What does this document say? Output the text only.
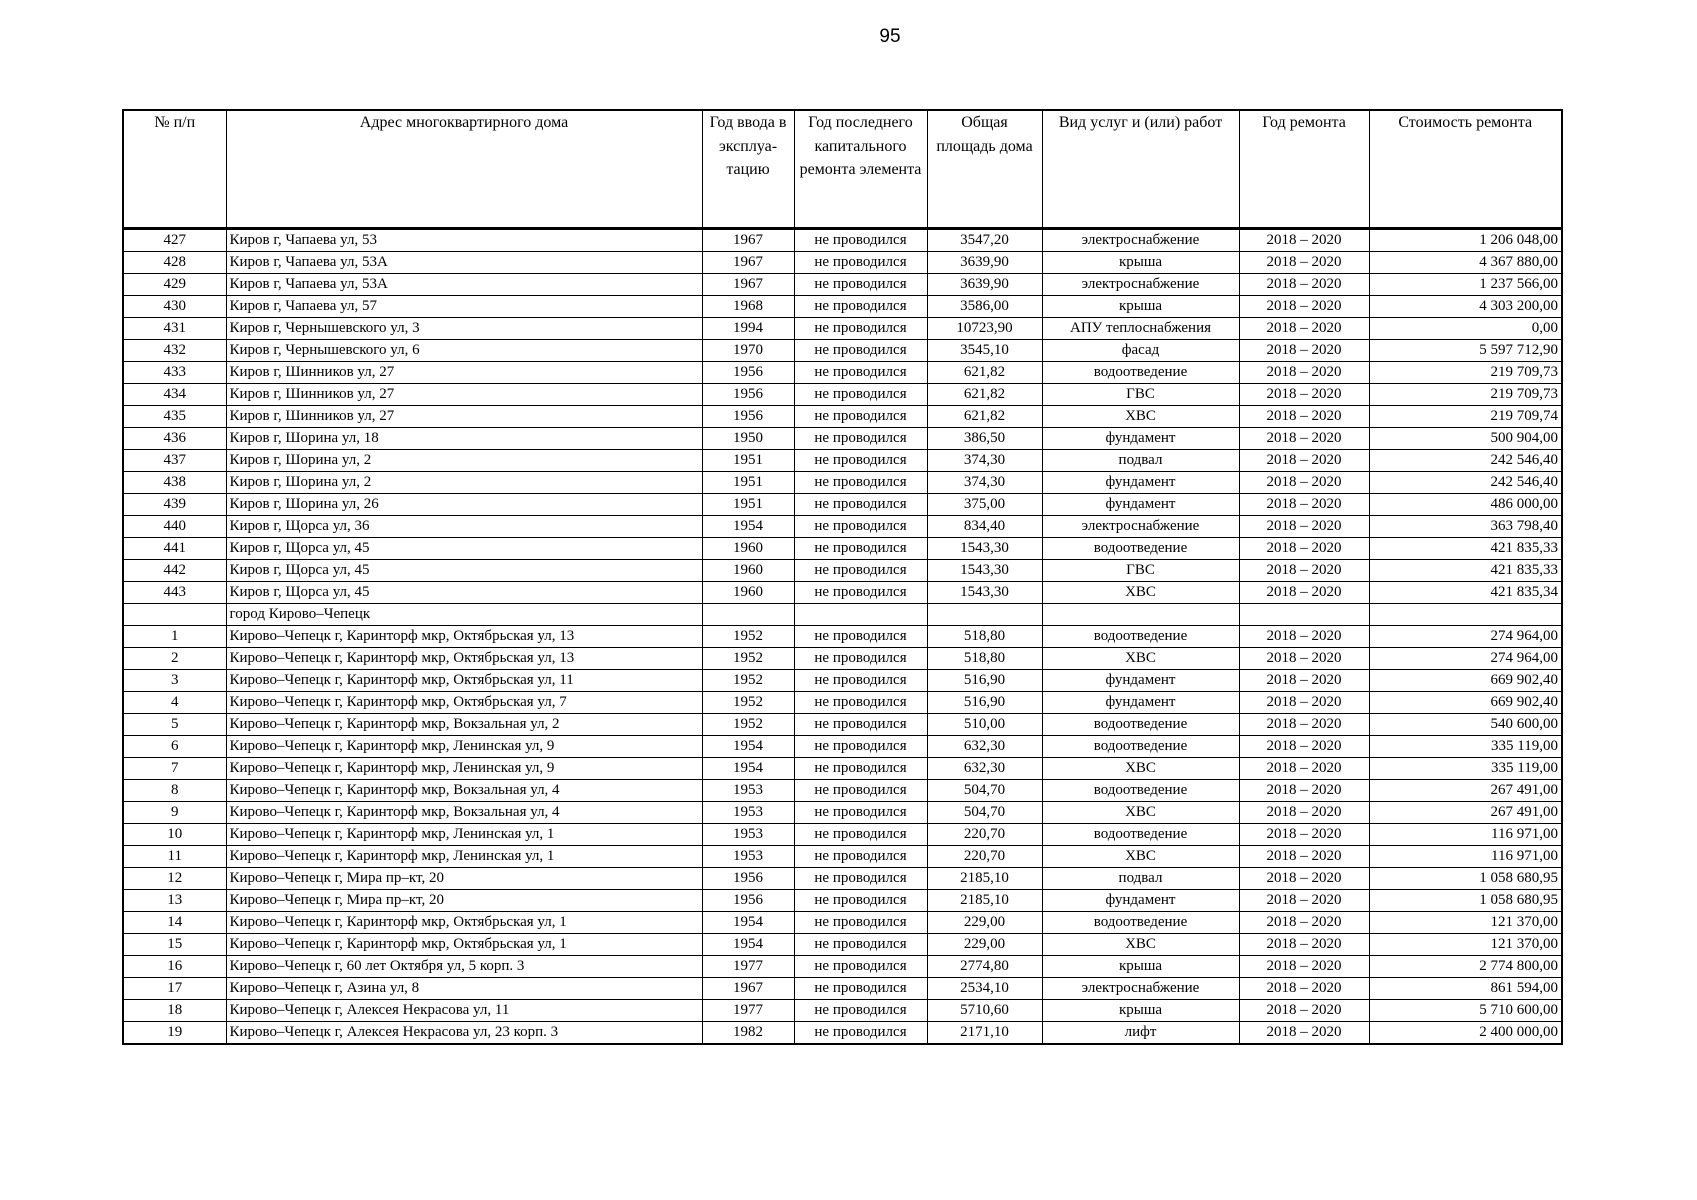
95
№ п/п	Адрес многоквартирного дома	Год ввода в эксплуа-тацию	Год последнего капитального ремонта элемента	Общая площадь дома	Вид услуг и (или) работ	Год ремонта	Стоимость ремонта
427	Киров г, Чапаева ул, 53	1967	не проводился	3547,20	электроснабжение	2018 – 2020	1 206 048,00
428	Киров г, Чапаева ул, 53А	1967	не проводился	3639,90	крыша	2018 – 2020	4 367 880,00
429	Киров г, Чапаева ул, 53А	1967	не проводился	3639,90	электроснабжение	2018 – 2020	1 237 566,00
430	Киров г, Чапаева ул, 57	1968	не проводился	3586,00	крыша	2018 – 2020	4 303 200,00
431	Киров г, Чернышевского ул, 3	1994	не проводился	10723,90	АПУ теплоснабжения	2018 – 2020	0,00
432	Киров г, Чернышевского ул, 6	1970	не проводился	3545,10	фасад	2018 – 2020	5 597 712,90
433	Киров г, Шинников ул, 27	1956	не проводился	621,82	водоотведение	2018 – 2020	219 709,73
434	Киров г, Шинников ул, 27	1956	не проводился	621,82	ГВС	2018 – 2020	219 709,73
435	Киров г, Шинников ул, 27	1956	не проводился	621,82	ХВС	2018 – 2020	219 709,74
436	Киров г, Шорина ул, 18	1950	не проводился	386,50	фундамент	2018 – 2020	500 904,00
437	Киров г, Шорина ул, 2	1951	не проводился	374,30	подвал	2018 – 2020	242 546,40
438	Киров г, Шорина ул, 2	1951	не проводился	374,30	фундамент	2018 – 2020	242 546,40
439	Киров г, Шорина ул, 26	1951	не проводился	375,00	фундамент	2018 – 2020	486 000,00
440	Киров г, Щорса ул, 36	1954	не проводился	834,40	электроснабжение	2018 – 2020	363 798,40
441	Киров г, Щорса ул, 45	1960	не проводился	1543,30	водоотведение	2018 – 2020	421 835,33
442	Киров г, Щорса ул, 45	1960	не проводился	1543,30	ГВС	2018 – 2020	421 835,33
443	Киров г, Щорса ул, 45	1960	не проводился	1543,30	ХВС	2018 – 2020	421 835,34
	город Кирово–Чепецк						
1	Кирово–Чепецк г, Каринторф мкр, Октябрьская ул, 13	1952	не проводился	518,80	водоотведение	2018 – 2020	274 964,00
2	Кирово–Чепецк г, Каринторф мкр, Октябрьская ул, 13	1952	не проводился	518,80	ХВС	2018 – 2020	274 964,00
3	Кирово–Чепецк г, Каринторф мкр, Октябрьская ул, 11	1952	не проводился	516,90	фундамент	2018 – 2020	669 902,40
4	Кирово–Чепецк г, Каринторф мкр, Октябрьская ул, 7	1952	не проводился	516,90	фундамент	2018 – 2020	669 902,40
5	Кирово–Чепецк г, Каринторф мкр, Вокзальная ул, 2	1952	не проводился	510,00	водоотведение	2018 – 2020	540 600,00
6	Кирово–Чепецк г, Каринторф мкр, Ленинская ул, 9	1954	не проводился	632,30	водоотведение	2018 – 2020	335 119,00
7	Кирово–Чепецк г, Каринторф мкр, Ленинская ул, 9	1954	не проводился	632,30	ХВС	2018 – 2020	335 119,00
8	Кирово–Чепецк г, Каринторф мкр, Вокзальная ул, 4	1953	не проводился	504,70	водоотведение	2018 – 2020	267 491,00
9	Кирово–Чепецк г, Каринторф мкр, Вокзальная ул, 4	1953	не проводился	504,70	ХВС	2018 – 2020	267 491,00
10	Кирово–Чепецк г, Каринторф мкр, Ленинская ул, 1	1953	не проводился	220,70	водоотведение	2018 – 2020	116 971,00
11	Кирово–Чепецк г, Каринторф мкр, Ленинская ул, 1	1953	не проводился	220,70	ХВС	2018 – 2020	116 971,00
12	Кирово–Чепецк г, Мира пр–кт, 20	1956	не проводился	2185,10	подвал	2018 – 2020	1 058 680,95
13	Кирово–Чепецк г, Мира пр–кт, 20	1956	не проводился	2185,10	фундамент	2018 – 2020	1 058 680,95
14	Кирово–Чепецк г, Каринторф мкр, Октябрьская ул, 1	1954	не проводился	229,00	водоотведение	2018 – 2020	121 370,00
15	Кирово–Чепецк г, Каринторф мкр, Октябрьская ул, 1	1954	не проводился	229,00	ХВС	2018 – 2020	121 370,00
16	Кирово–Чепецк г, 60 лет Октября ул, 5 корп. 3	1977	не проводился	2774,80	крыша	2018 – 2020	2 774 800,00
17	Кирово–Чепецк г, Азина ул, 8	1967	не проводился	2534,10	электроснабжение	2018 – 2020	861 594,00
18	Кирово–Чепецк г, Алексея Некрасова ул, 11	1977	не проводился	5710,60	крыша	2018 – 2020	5 710 600,00
19	Кирово–Чепецк г, Алексея Некрасова ул, 23 корп. 3	1982	не проводился	2171,10	лифт	2018 – 2020	2 400 000,00
